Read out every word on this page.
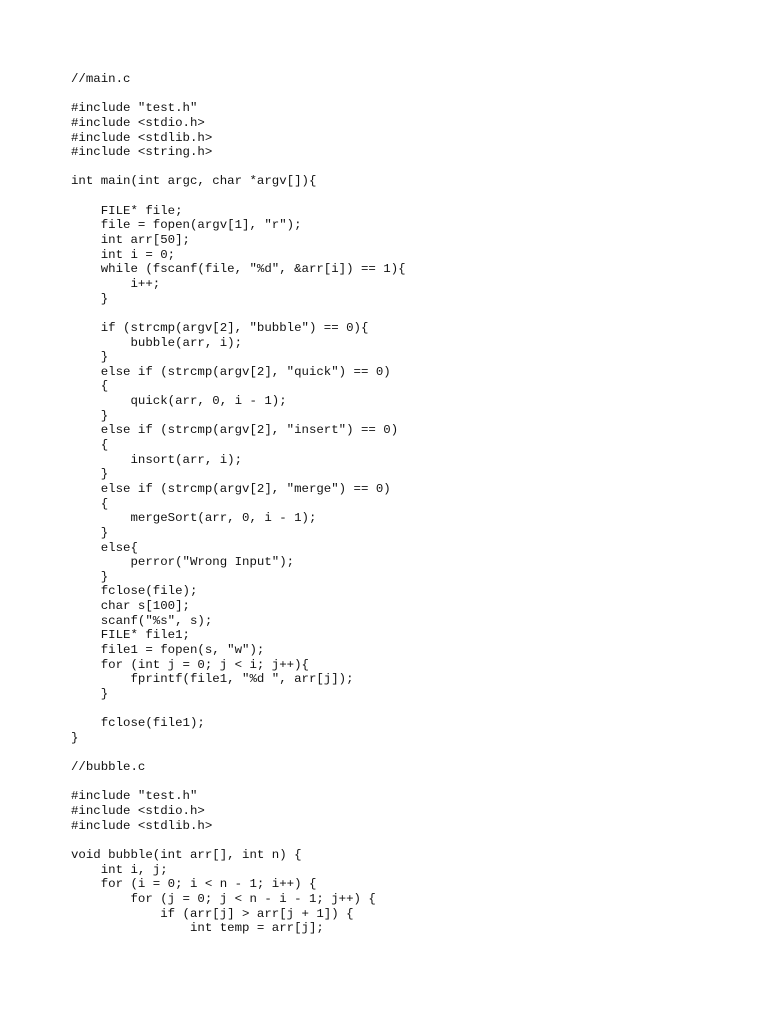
//main.c
#include "test.h"
#include <stdio.h>
#include <stdlib.h>
#include <string.h>
int main(int argc, char *argv[]){
FILE* file;
file = fopen(argv[1], "r");
int arr[50];
int i = 0;
while (fscanf(file, "%d", &arr[i]) == 1){
i++;
}
if (strcmp(argv[2], "bubble") == 0){
bubble(arr, i);
}
else if (strcmp(argv[2], "quick") == 0)
{
quick(arr, 0, i - 1);
}
else if (strcmp(argv[2], "insert") == 0)
{
insort(arr, i);
}
else if (strcmp(argv[2], "merge") == 0)
{
mergeSort(arr, 0, i - 1);
}
else{
perror("Wrong Input");
}
fclose(file);
char s[100];
scanf("%s", s);
FILE* file1;
file1 = fopen(s, "w");
for (int j = 0; j < i; j++){
fprintf(file1, "%d ", arr[j]);
}
fclose(file1);
}
//bubble.c
#include "test.h"
#include <stdio.h>
#include <stdlib.h>
void bubble(int arr[], int n) {
int i, j;
for (i = 0; i < n - 1; i++) {
for (j = 0; j < n - i - 1; j++) {
if (arr[j] > arr[j + 1]) {
int temp = arr[j];
